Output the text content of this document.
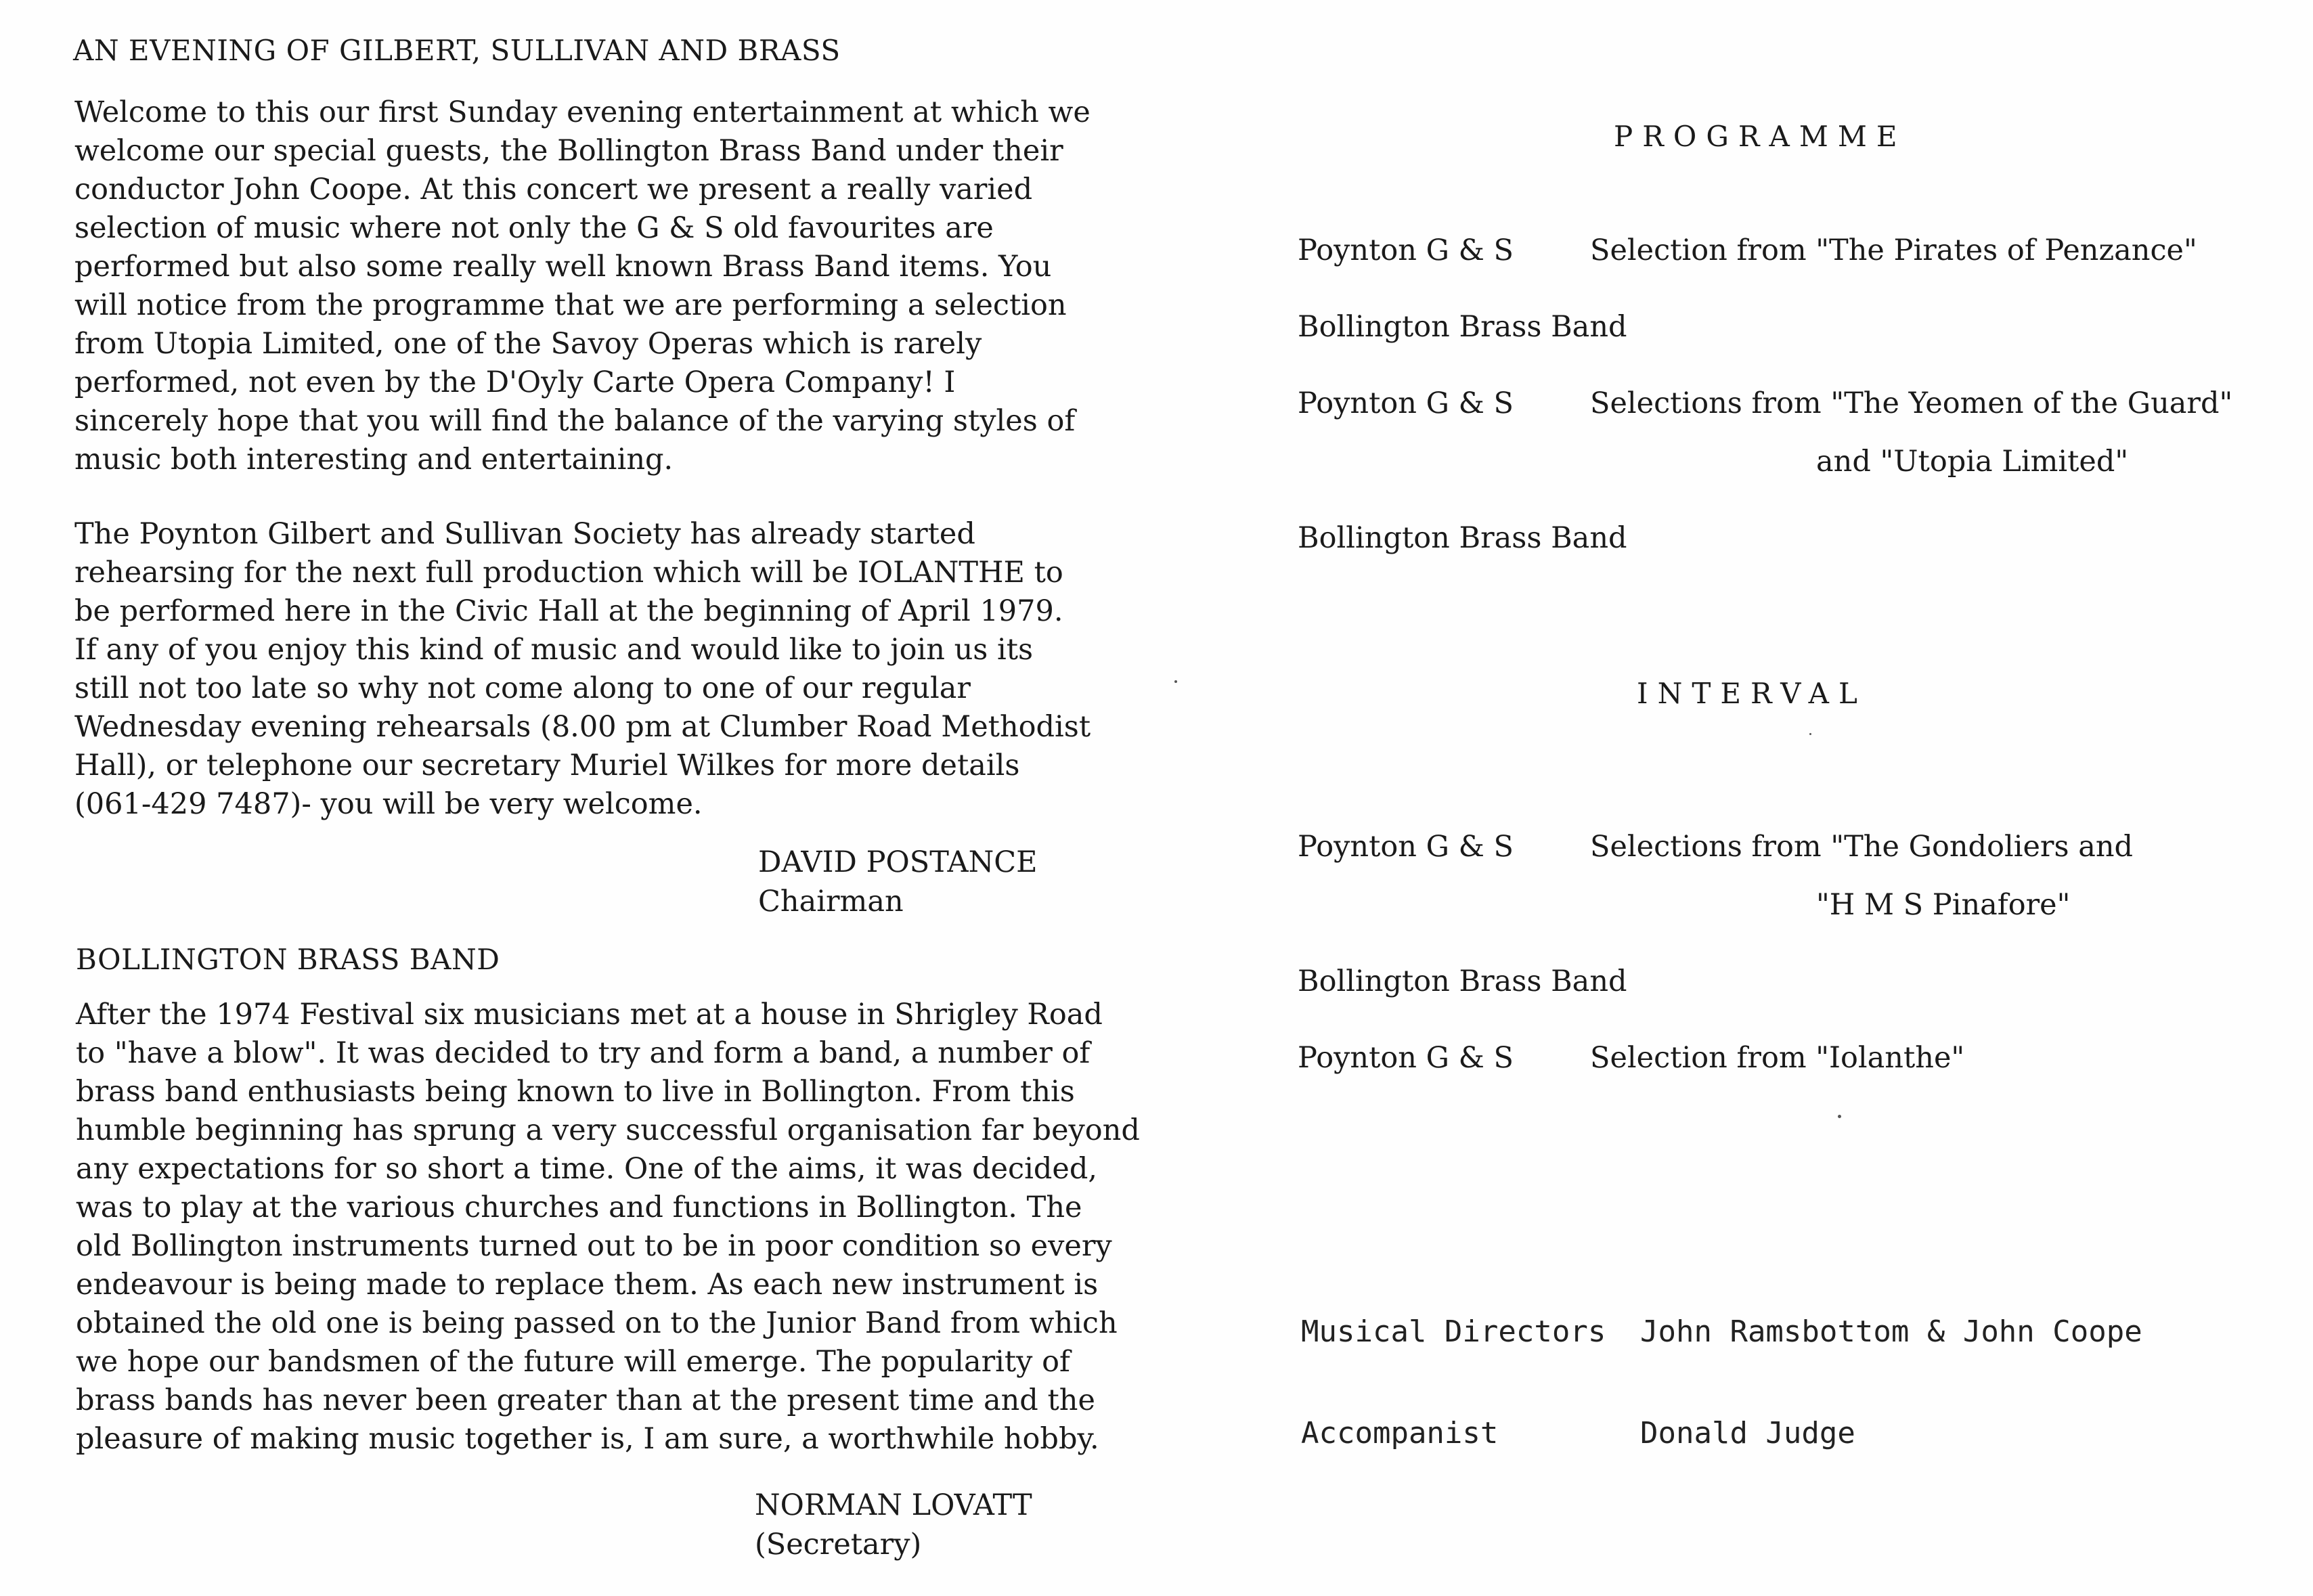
AN EVENING OF GILBERT, SULLIVAN AND BRASS
Welcome to this our first Sunday evening entertainment at which we
welcome our special guests, the Bollington Brass Band under their
conductor John Coope. At this concert we present a really varied
selection of music where not only the G & S old favourites are
performed but also some really well known Brass Band items. You
will notice from the programme that we are performing a selection
from Utopia Limited, one of the Savoy Operas which is rarely
performed, not even by the D'Oyly Carte Opera Company! I
sincerely hope that you will find the balance of the varying styles of
music both interesting and entertaining.
The Poynton Gilbert and Sullivan Society has already started
rehearsing for the next full production which will be IOLANTHE to
be performed here in the Civic Hall at the beginning of April 1979.
If any of you enjoy this kind of music and would like to join us its
still not too late so why not come along to one of our regular
Wednesday evening rehearsals (8.00 pm at Clumber Road Methodist
Hall), or telephone our secretary Muriel Wilkes for more details
(061-429 7487)- you will be very welcome.
DAVID POSTANCE
Chairman
BOLLINGTON BRASS BAND
After the 1974 Festival six musicians met at a house in Shrigley Road
to "have a blow". It was decided to try and form a band, a number of
brass band enthusiasts being known to live in Bollington. From this
humble beginning has sprung a very successful organisation far beyond
any expectations for so short a time. One of the aims, it was decided,
was to play at the various churches and functions in Bollington. The
old Bollington instruments turned out to be in poor condition so every
endeavour is being made to replace them. As each new instrument is
obtained the old one is being passed on to the Junior Band from which
we hope our bandsmen of the future will emerge. The popularity of
brass bands has never been greater than at the present time and the
pleasure of making music together is, I am sure, a worthwhile hobby.
NORMAN LOVATT
(Secretary)
PROGRAMME
Poynton G & S	Selection from "The Pirates of Penzance"
Bollington Brass Band
Poynton G & S	Selections from "The Yeomen of the Guard"
and "Utopia Limited"
Bollington Brass Band
INTERVAL
Poynton G & S	Selections from "The Gondoliers and
"H M S Pinafore"
Bollington Brass Band
Poynton G & S	Selection from "Iolanthe"
Musical Directors John Ramsbottom & John Coope
Accompanist	Donald Judge
